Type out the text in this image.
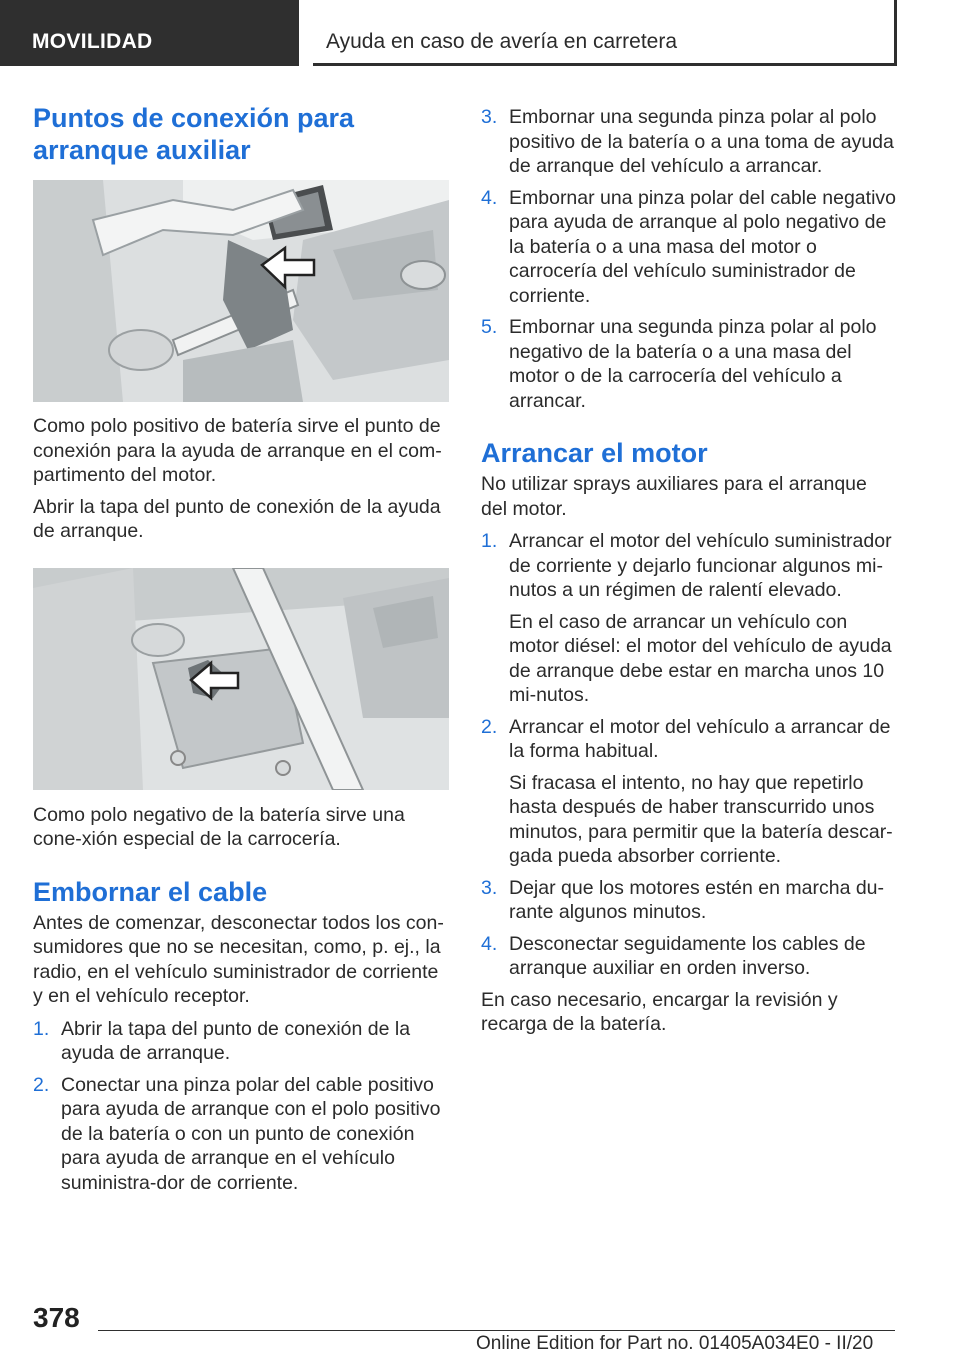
MOVILIDAD	Ayuda en caso de avería en carretera
Puntos de conexión para arranque auxiliar

Como polo positivo de batería sirve el punto de conexión para la ayuda de arranque en el com-partimento del motor.

Abrir la tapa del punto de conexión de la ayuda de arranque.

Como polo negativo de la batería sirve una cone-xión especial de la carrocería.

Embornar el cable

Antes de comenzar, desconectar todos los con-sumidores que no se necesitan, como, p. ej., la radio, en el vehículo suministrador de corriente y en el vehículo receptor.

1. Abrir la tapa del punto de conexión de la ayuda de arranque.
2. Conectar una pinza polar del cable positivo para ayuda de arranque con el polo positivo de la batería o con un punto de conexión para ayuda de arranque en el vehículo suministra-dor de corriente.
3. Embornar una segunda pinza polar al polo positivo de la batería o a una toma de ayuda de arranque del vehículo a arrancar.
4. Embornar una pinza polar del cable negativo para ayuda de arranque al polo negativo de la batería o a una masa del motor o carrocería del vehículo suministrador de corriente.
5. Embornar una segunda pinza polar al polo negativo de la batería o a una masa del motor o de la carrocería del vehículo a arrancar.
Arrancar el motor

No utilizar sprays auxiliares para el arranque del motor.

1. Arrancar el motor del vehículo suministrador de corriente y dejarlo funcionar algunos mi-nutos a un régimen de ralentí elevado.
En el caso de arrancar un vehículo con motor diésel: el motor del vehículo de ayuda de arranque debe estar en marcha unos 10 mi-nutos.
2. Arrancar el motor del vehículo a arrancar de la forma habitual.
Si fracasa el intento, no hay que repetirlo hasta después de haber transcurrido unos minutos, para permitir que la batería descar-gada pueda absorber corriente.
3. Dejar que los motores estén en marcha du-rante algunos minutos.
4. Desconectar seguidamente los cables de arranque auxiliar en orden inverso.

En caso necesario, encargar la revisión y recarga de la batería.

378
Online Edition for Part no. 01405A034E0 - II/20
